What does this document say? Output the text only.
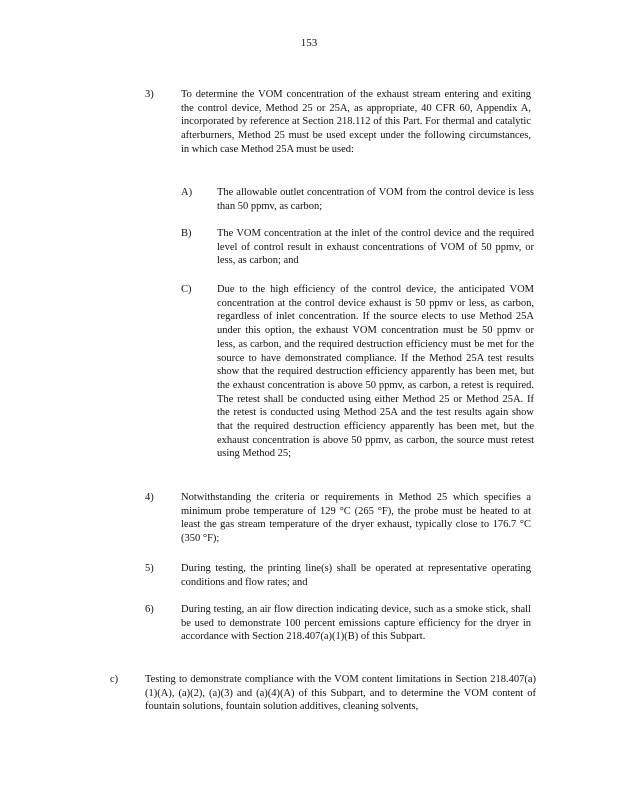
153
3)	To determine the VOM concentration of the exhaust stream entering and exiting the control device, Method 25 or 25A, as appropriate, 40 CFR 60, Appendix A, incorporated by reference at Section 218.112 of this Part. For thermal and catalytic afterburners, Method 25 must be used except under the following circumstances, in which case Method 25A must be used:
A) The allowable outlet concentration of VOM from the control device is less than 50 ppmv, as carbon;
B) The VOM concentration at the inlet of the control device and the required level of control result in exhaust concentrations of VOM of 50 ppmv, or less, as carbon; and
C) Due to the high efficiency of the control device, the anticipated VOM concentration at the control device exhaust is 50 ppmv or less, as carbon, regardless of inlet concentration. If the source elects to use Method 25A under this option, the exhaust VOM concentration must be 50 ppmv or less, as carbon, and the required destruction efficiency must be met for the source to have demonstrated compliance. If the Method 25A test results show that the required destruction efficiency apparently has been met, but the exhaust concentration is above 50 ppmv, as carbon, a retest is required. The retest shall be conducted using either Method 25 or Method 25A. If the retest is conducted using Method 25A and the test results again show that the required destruction efficiency apparently has been met, but the exhaust concentration is above 50 ppmv, as carbon, the source must retest using Method 25;
4)	Notwithstanding the criteria or requirements in Method 25 which specifies a minimum probe temperature of 129 °C (265 °F), the probe must be heated to at least the gas stream temperature of the dryer exhaust, typically close to 176.7 °C (350 °F);
5)	During testing, the printing line(s) shall be operated at representative operating conditions and flow rates; and
6)	During testing, an air flow direction indicating device, such as a smoke stick, shall be used to demonstrate 100 percent emissions capture efficiency for the dryer in accordance with Section 218.407(a)(1)(B) of this Subpart.
c)	Testing to demonstrate compliance with the VOM content limitations in Section 218.407(a)(1)(A), (a)(2), (a)(3) and (a)(4)(A) of this Subpart, and to determine the VOM content of fountain solutions, fountain solution additives, cleaning solvents,
